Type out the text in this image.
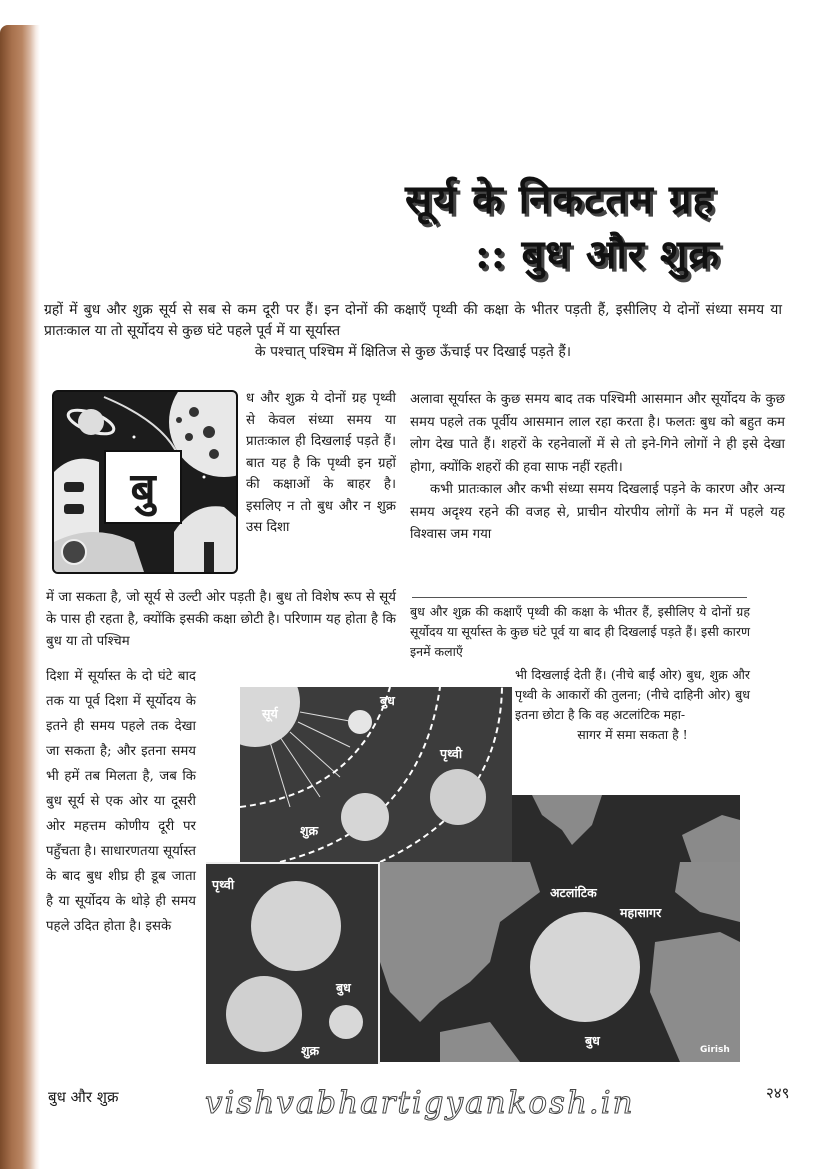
सूर्य के निकटतम ग्रह
:: बुध और शुक्र
ग्रहों में बुध और शुक्र सूर्य से सब से कम दूरी पर हैं। इन दोनों की कक्षाएँ पृथ्वी की कक्षा के भीतर पड़ती हैं, इसीलिए ये दोनों संध्या समय या प्रातःकाल या तो सूर्योदय से कुछ घंटे पहले पूर्व में या सूर्यास्त
के पश्चात् पश्चिम में क्षितिज से कुछ ऊँचाई पर दिखाई पड़ते हैं।
बु
ध और शुक्र ये दोनों ग्रह पृथ्वी से केवल संध्या समय या प्रातःकाल ही दिखलाई पड़ते हैं। बात यह है कि पृथ्वी इन ग्रहों की कक्षाओं के बाहर है। इसलिए न तो बुध और न शुक्र उस दिशा
में जा सकता है, जो सूर्य से उल्टी ओर पड़ती है। बुध तो विशेष रूप से सूर्य के पास ही रहता है, क्योंकि इसकी कक्षा छोटी है। परिणाम यह होता है कि बुध या तो पश्चिम
दिशा में सूर्यास्त के दो घंटे बाद तक या पूर्व दिशा में सूर्योदय के इतने ही समय पहले तक देखा जा सकता है; और इतना समय भी हमें तब मिलता है, जब कि बुध सूर्य से एक ओर या दूसरी ओर महत्तम कोणीय दूरी पर पहुँचता है। साधारणतया सूर्यास्त के बाद बुध शीघ्र ही डूब जाता है या सूर्योदय के थोड़े ही समय पहले उदित होता है। इसके
अलावा सूर्यास्त के कुछ समय बाद तक पश्चिमी आसमान और सूर्योदय के कुछ समय पहले तक पूर्वीय आसमान लाल रहा करता है। फलतः बुध को बहुत कम लोग देख पाते हैं। शहरों के रहनेवालों में से तो इने-गिने लोगों ने ही इसे देखा होगा, क्योंकि शहरों की हवा साफ नहीं रहती।
कभी प्रातःकाल और कभी संध्या समय दिखलाई पड़ने के कारण और अन्य समय अदृश्य रहने की वजह से, प्राचीन योरपीय लोगों के मन में पहले यह विश्वास जम गया
बुध और शुक्र की कक्षाएँ पृथ्वी की कक्षा के भीतर हैं, इसीलिए ये दोनों ग्रह सूर्योदय या सूर्यास्त के कुछ घंटे पूर्व या बाद ही दिखलाई पड़ते हैं। इसी कारण इनमें कलाएँ
भी दिखलाई देती हैं। (नीचे बाईं ओर) बुध, शुक्र और पृथ्वी के आकारों की तुलना; (नीचे दाहिनी ओर) बुध इतना छोटा है कि वह अटलांटिक महा-
सागर में समा सकता है !
सूर्य
बुध
पृथ्वी
शुक्र
पृथ्वी
बुध
शुक्र
अटलांटिक
महासागर
बुध
Girish
बुध और शुक्र	vishvabhartigyankosh.in	२४९
